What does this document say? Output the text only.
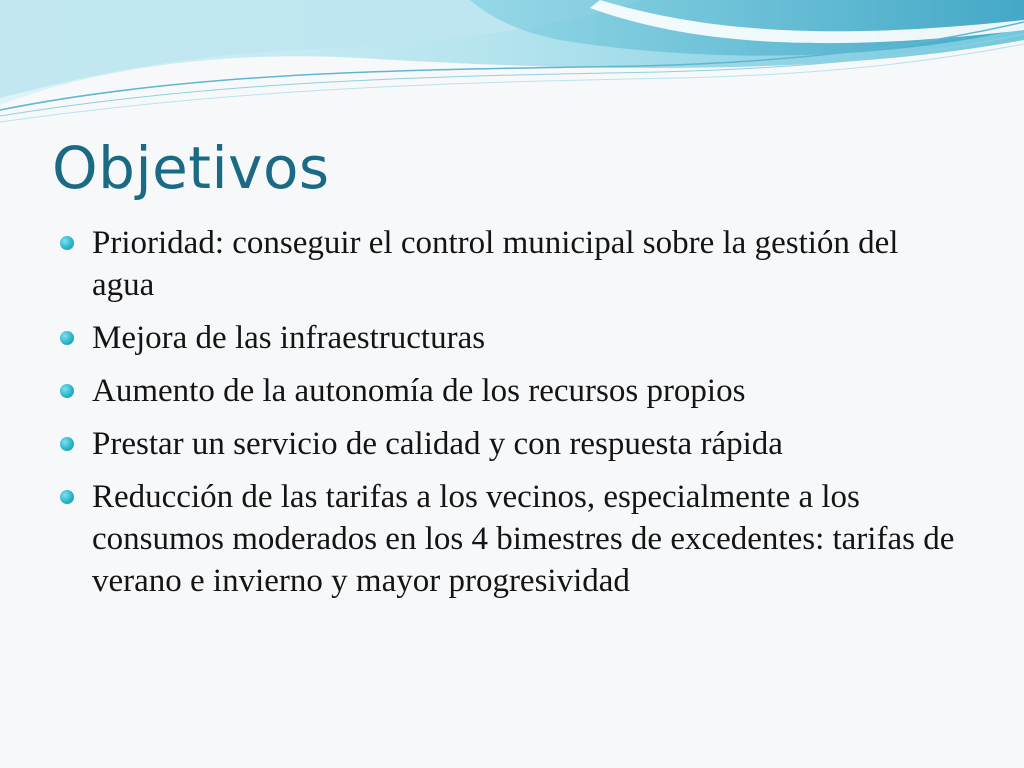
Objetivos
Prioridad: conseguir el control municipal sobre la gestión del agua
Mejora de las infraestructuras
Aumento de la autonomía de los recursos propios
Prestar un servicio de calidad y con respuesta rápida
Reducción de las tarifas a los vecinos, especialmente a los consumos moderados en los 4 bimestres de excedentes: tarifas de verano e invierno y mayor progresividad
